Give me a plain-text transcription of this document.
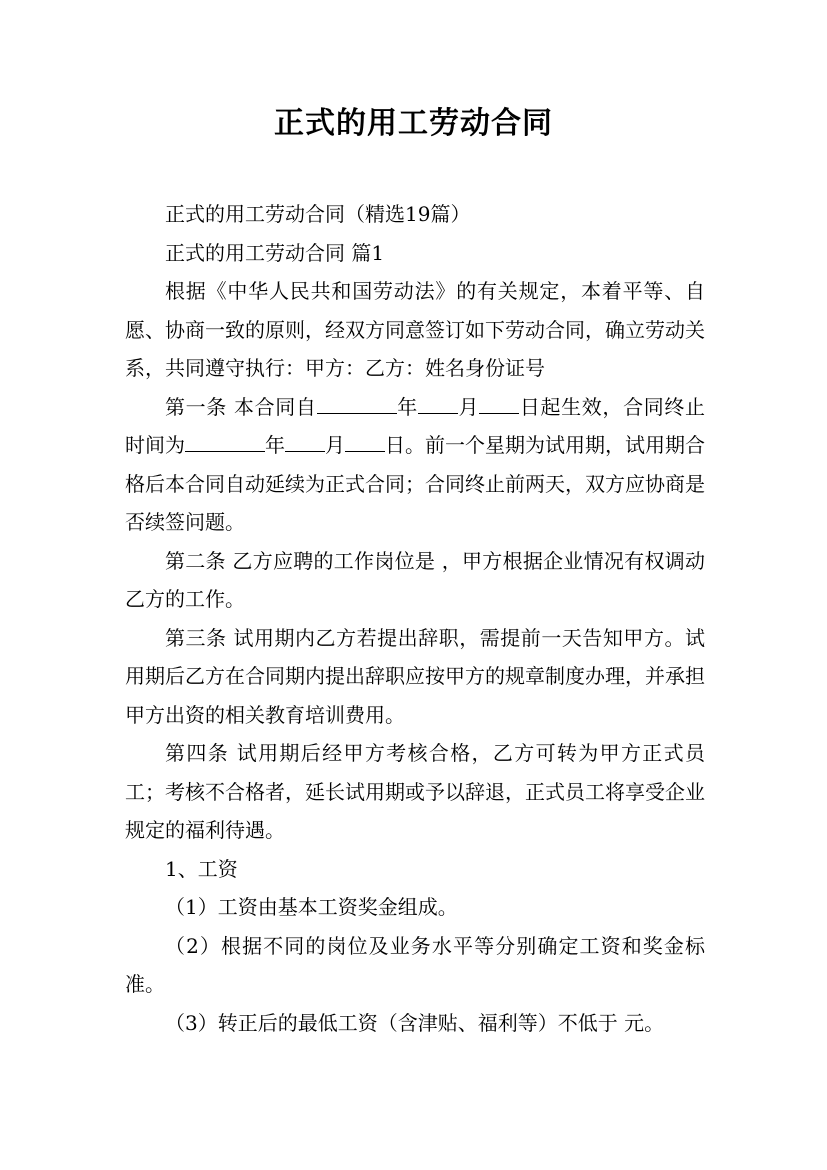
正式的用工劳动合同

正式的用工劳动合同（精选19篇）

正式的用工劳动合同 篇1

根据《中华人民共和国劳动法》的有关规定，本着平等、自愿、协商一致的原则，经双方同意签订如下劳动合同，确立劳动关系，共同遵守执行：甲方：乙方：姓名身份证号

第一条 本合同自	年 月 日起生效，合同终止时间为	年 月 日。前一个星期为试用期，试用期合格后本合同自动延续为正式合同；合同终止前两天，双方应协商是否续签问题。

第二条 乙方应聘的工作岗位是 ，甲方根据企业情况有权调动乙方的工作。

第三条 试用期内乙方若提出辞职，需提前一天告知甲方。试用期后乙方在合同期内提出辞职应按甲方的规章制度办理，并承担甲方出资的相关教育培训费用。

第四条 试用期后经甲方考核合格，乙方可转为甲方正式员工；考核不合格者，延长试用期或予以辞退，正式员工将享受企业规定的福利待遇。

1、工资

（1）工资由基本工资奖金组成。

（2）根据不同的岗位及业务水平等分别确定工资和奖金标准。

（3）转正后的最低工资（含津贴、福利等）不低于 元。
